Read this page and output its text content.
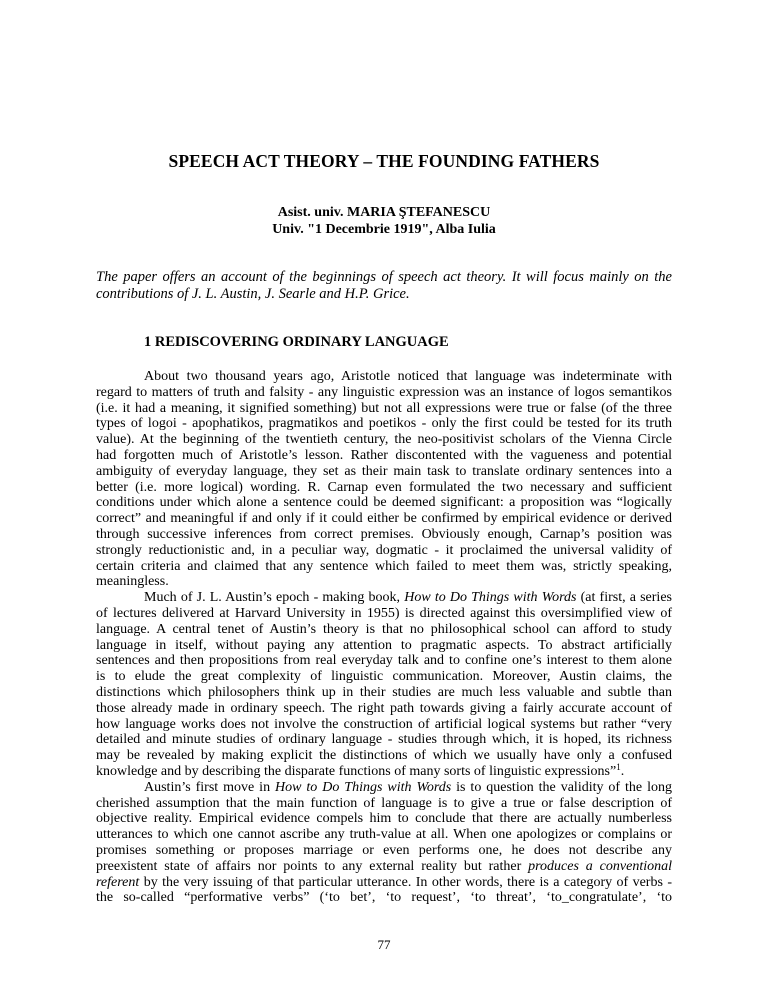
SPEECH ACT THEORY – THE FOUNDING FATHERS
Asist. univ. MARIA ŞTEFANESCU
Univ. "1 Decembrie 1919", Alba Iulia
The paper offers an account of the beginnings of speech act theory. It will focus mainly on the
contributions of J. L. Austin, J. Searle and H.P. Grice.
1 REDISCOVERING ORDINARY LANGUAGE
About two thousand years ago, Aristotle noticed that language was indeterminate with
regard to matters of truth and falsity - any linguistic expression was an instance of logos semantikos
(i.e. it had a meaning, it signified something) but not all expressions were true or false (of the three
types of logoi - apophatikos, pragmatikos and poetikos - only the first could be tested for its truth
value). At the beginning of the twentieth century, the neo-positivist scholars of the Vienna Circle
had forgotten much of Aristotle’s lesson. Rather discontented with the vagueness and potential
ambiguity of everyday language, they set as their main task to translate ordinary sentences into a
better (i.e. more logical) wording. R. Carnap even formulated the two necessary and sufficient
conditions under which alone a sentence could be deemed significant: a proposition was “logically
correct” and meaningful if and only if it could either be confirmed by empirical evidence or derived
through successive inferences from correct premises. Obviously enough, Carnap’s position was
strongly reductionistic and, in a peculiar way, dogmatic - it proclaimed the universal validity of
certain criteria and claimed that any sentence which failed to meet them was, strictly speaking,
meaningless.
Much of J. L. Austin’s epoch - making book, How to Do Things with Words (at first, a series
of lectures delivered at Harvard University in 1955) is directed against this oversimplified view of
language. A central tenet of Austin’s theory is that no philosophical school can afford to study
language in itself, without paying any attention to pragmatic aspects. To abstract artificially
sentences and then propositions from real everyday talk and to confine one’s interest to them alone
is to elude the great complexity of linguistic communication. Moreover, Austin claims, the
distinctions which philosophers think up in their studies are much less valuable and subtle than
those already made in ordinary speech. The right path towards giving a fairly accurate account of
how language works does not involve the construction of artificial logical systems but rather “very
detailed and minute studies of ordinary language - studies through which, it is hoped, its richness
may be revealed by making explicit the distinctions of which we usually have only a confused
knowledge and by describing the disparate functions of many sorts of linguistic expressions”$^1$.
Austin’s first move in How to Do Things with Words is to question the validity of the long
cherished assumption that the main function of language is to give a true or false description of
objective reality. Empirical evidence compels him to conclude that there are actually numberless
utterances to which one cannot ascribe any truth-value at all. When one apologizes or complains or
promises something or proposes marriage or even performs one, he does not describe any
preexistent state of affairs nor points to any external reality but rather produces a conventional
referent by the very issuing of that particular utterance. In other words, there is a category of verbs -
the so-called “performative verbs” (‘to bet’, ‘to request’, ‘to threat’, ‘to_congratulate’, ‘to
77
